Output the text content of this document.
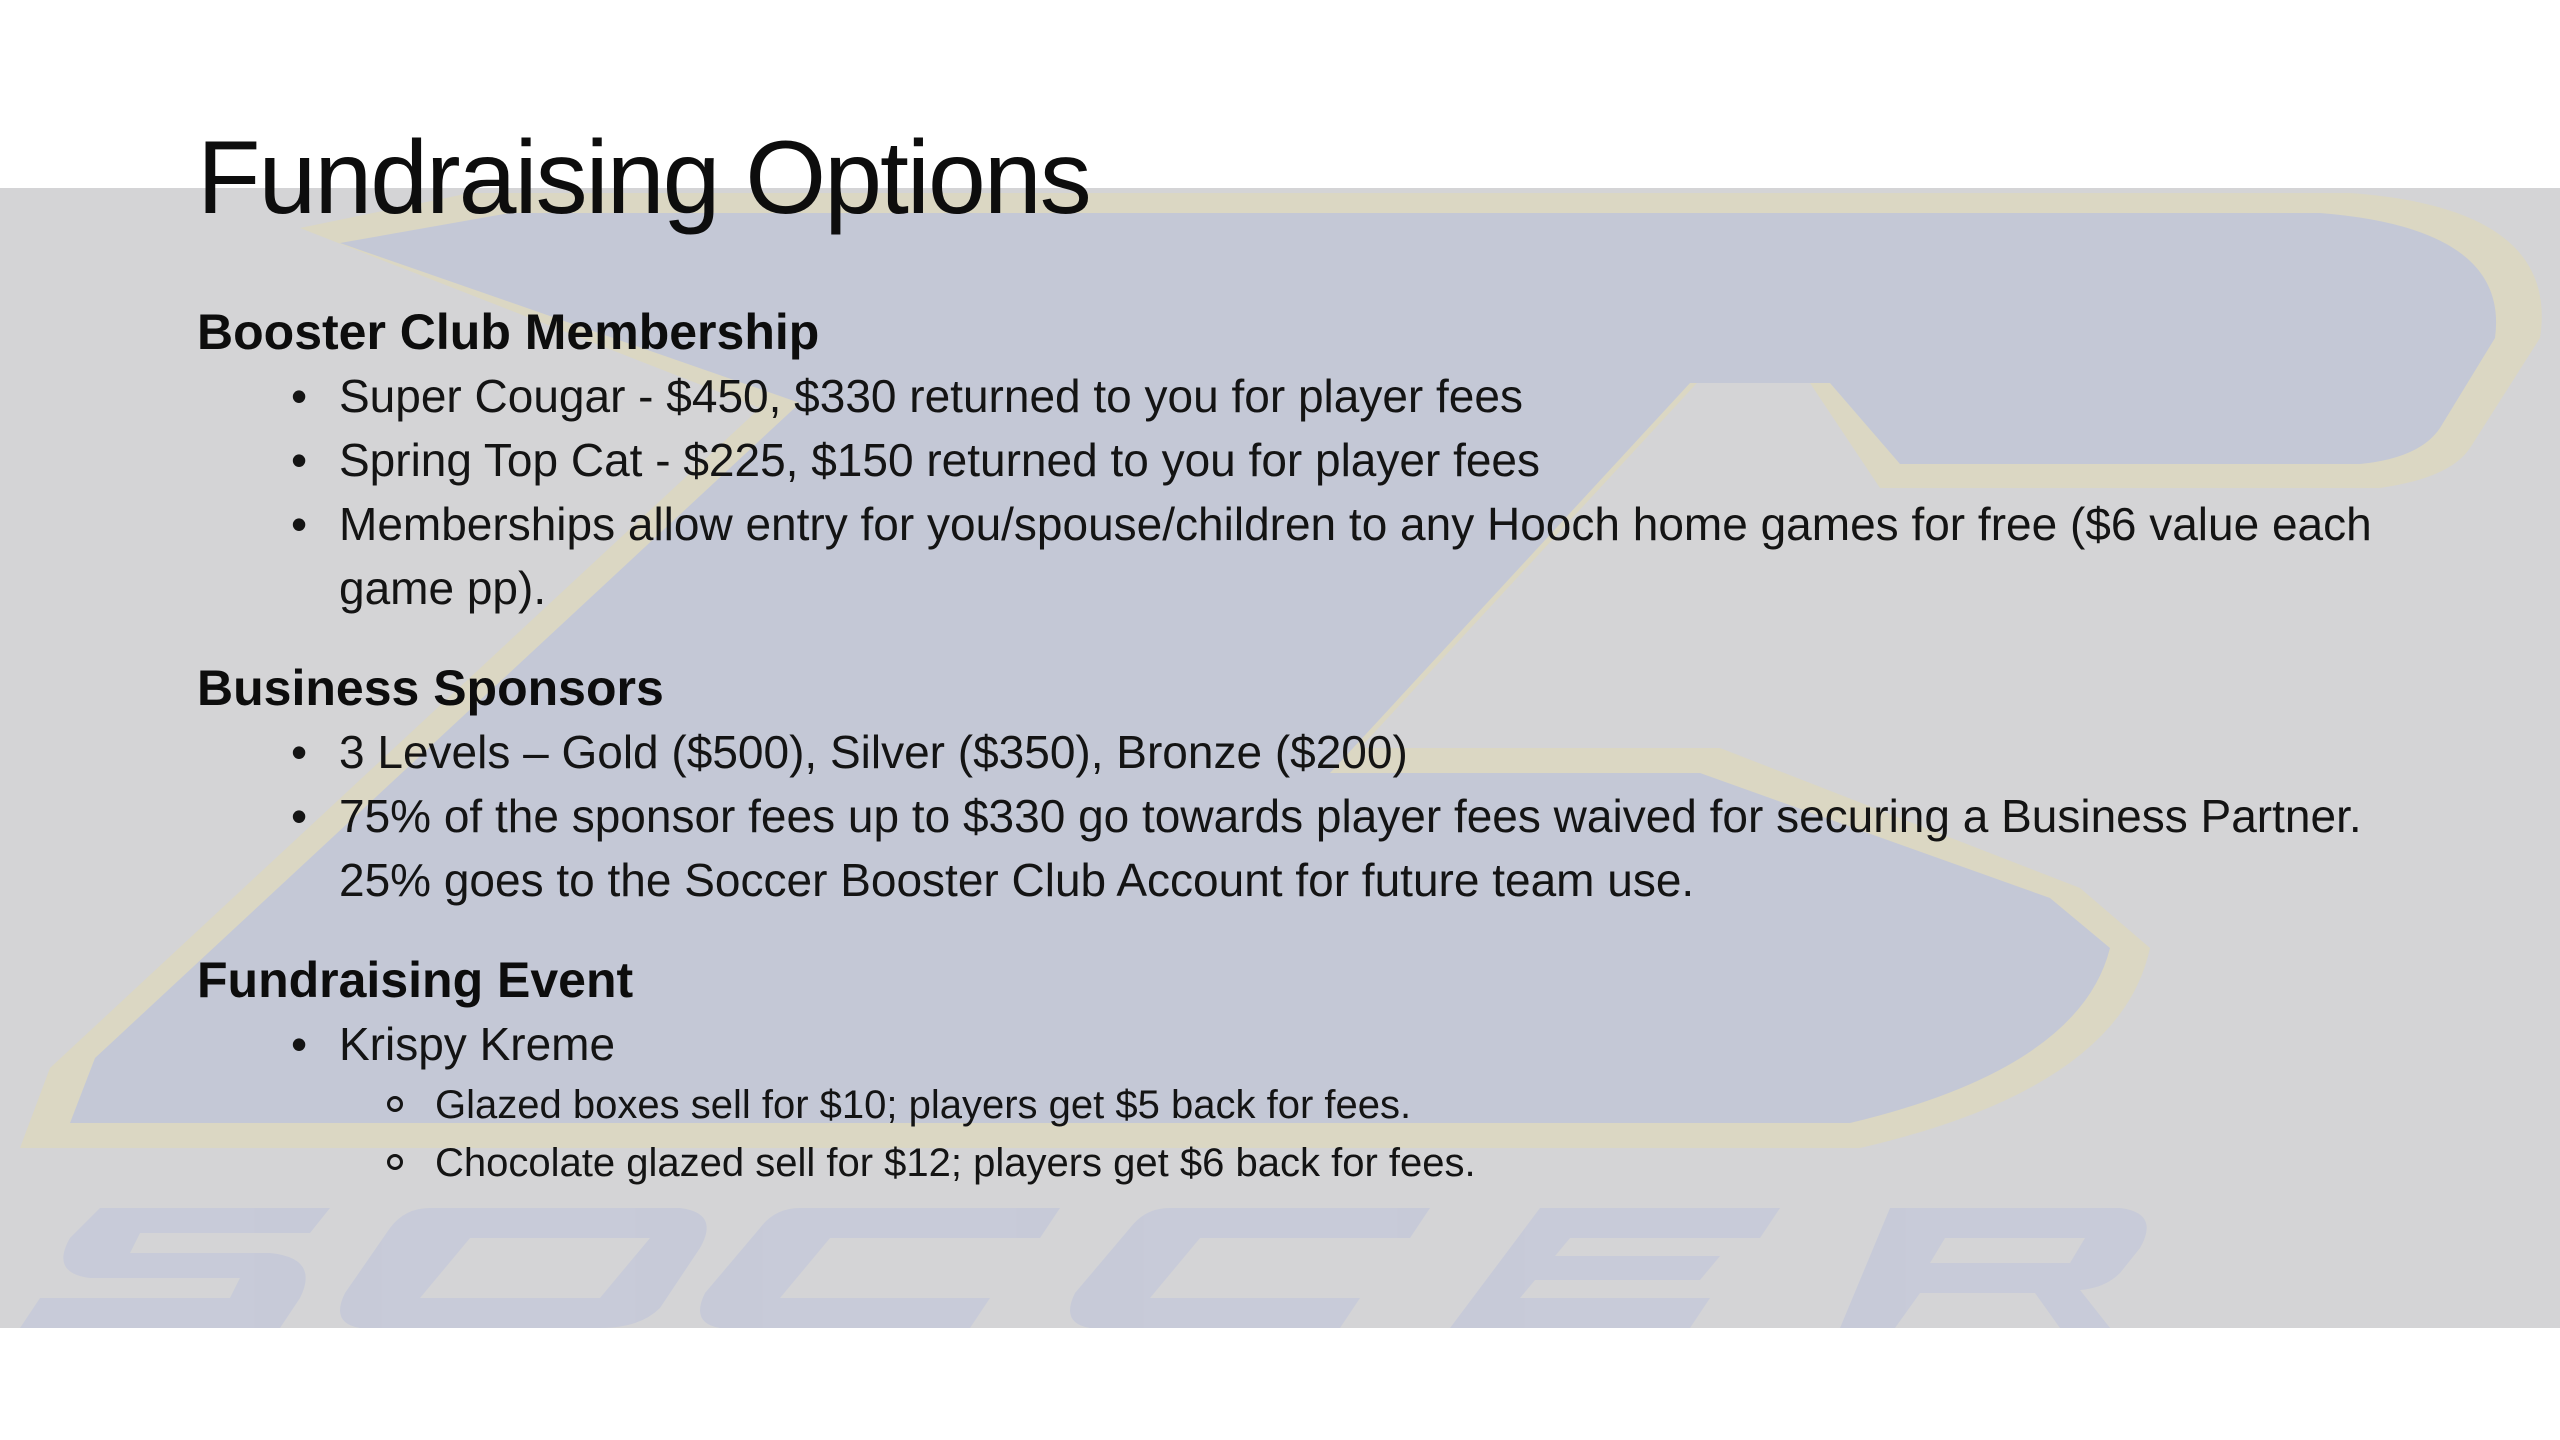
Fundraising Options
Booster Club Membership
• Super Cougar - $450, $330 returned to you for player fees
• Spring Top Cat - $225, $150 returned to you for player fees
• Memberships allow entry for you/spouse/children to any Hooch home games for free ($6 value each game pp).
Business Sponsors
• 3 Levels – Gold ($500), Silver ($350), Bronze ($200)
• 75% of the sponsor fees up to $330 go towards player fees waived for securing a Business Partner. 25% goes to the Soccer Booster Club Account for future team use.
Fundraising Event
• Krispy Kreme
Glazed boxes sell for $10; players get $5 back for fees.
Chocolate glazed sell for $12; players get $6 back for fees.
